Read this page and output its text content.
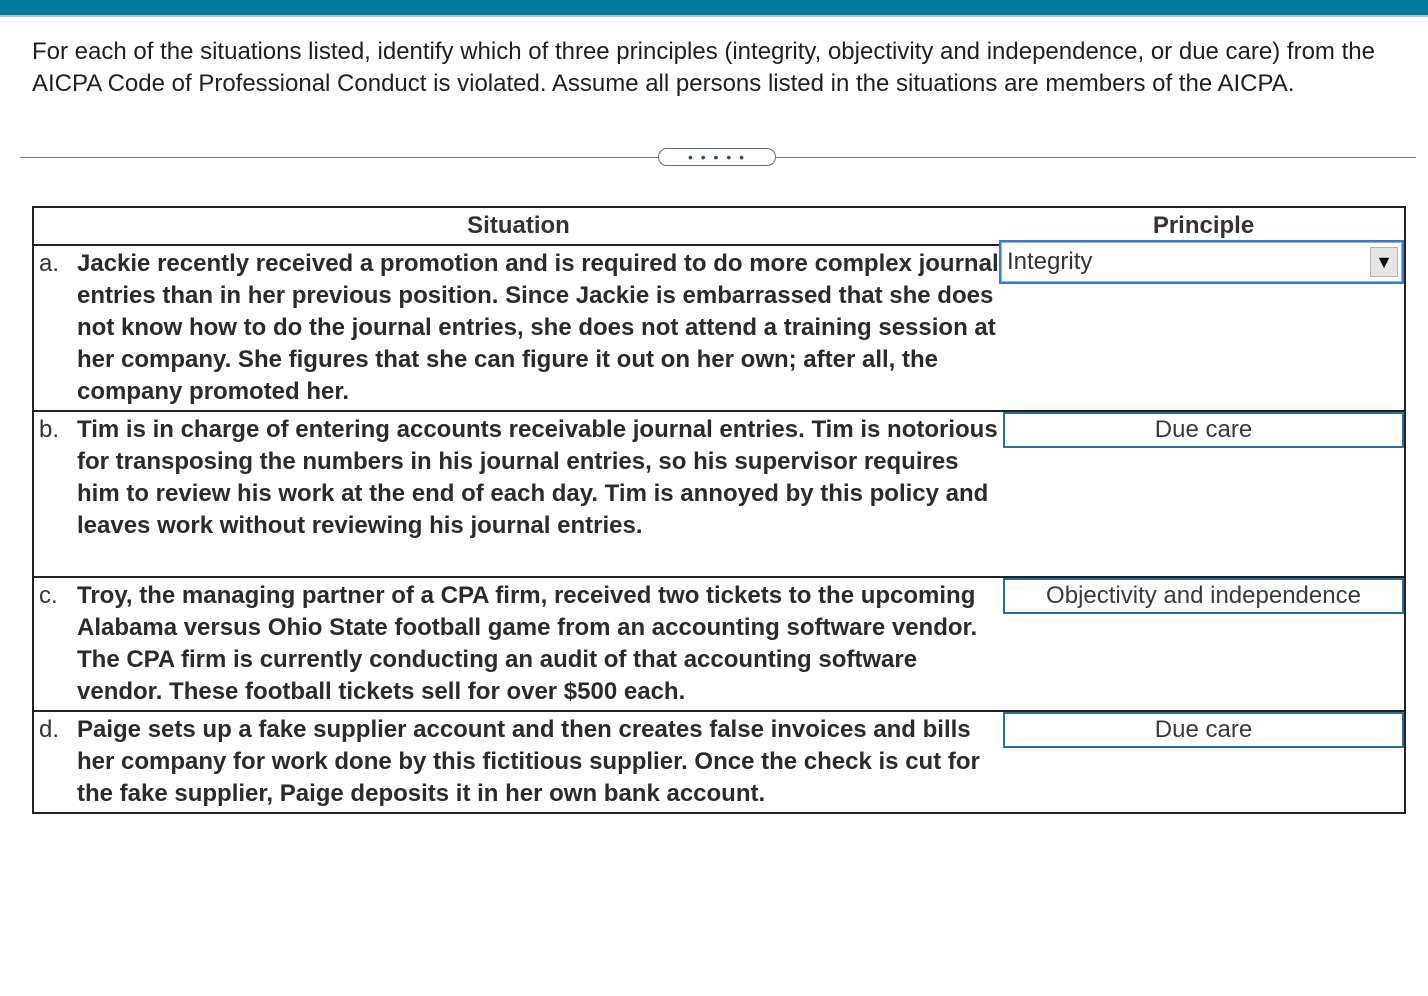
For each of the situations listed, identify which of three principles (integrity, objectivity and independence, or due care) from the AICPA Code of Professional Conduct is violated. Assume all persons listed in the situations are members of the AICPA.

• • • • •
Situation	Principle

a. Jackie recently received a promotion and is required to do more complex journal entries than in her previous position. Since Jackie is embarrassed that she does not know how to do the journal entries, she does not attend a training session at her company. She figures that she can figure it out on her own; after all, the company promoted her.	Integrity ▼

b. Tim is in charge of entering accounts receivable journal entries. Tim is notorious for transposing the numbers in his journal entries, so his supervisor requires him to review his work at the end of each day. Tim is annoyed by this policy and leaves work without reviewing his journal entries.	Due care

c. Troy, the managing partner of a CPA firm, received two tickets to the upcoming Alabama versus Ohio State football game from an accounting software vendor. The CPA firm is currently conducting an audit of that accounting software vendor. These football tickets sell for over $500 each.	Objectivity and independence

d. Paige sets up a fake supplier account and then creates false invoices and bills her company for work done by this fictitious supplier. Once the check is cut for the fake supplier, Paige deposits it in her own bank account.	Due care
